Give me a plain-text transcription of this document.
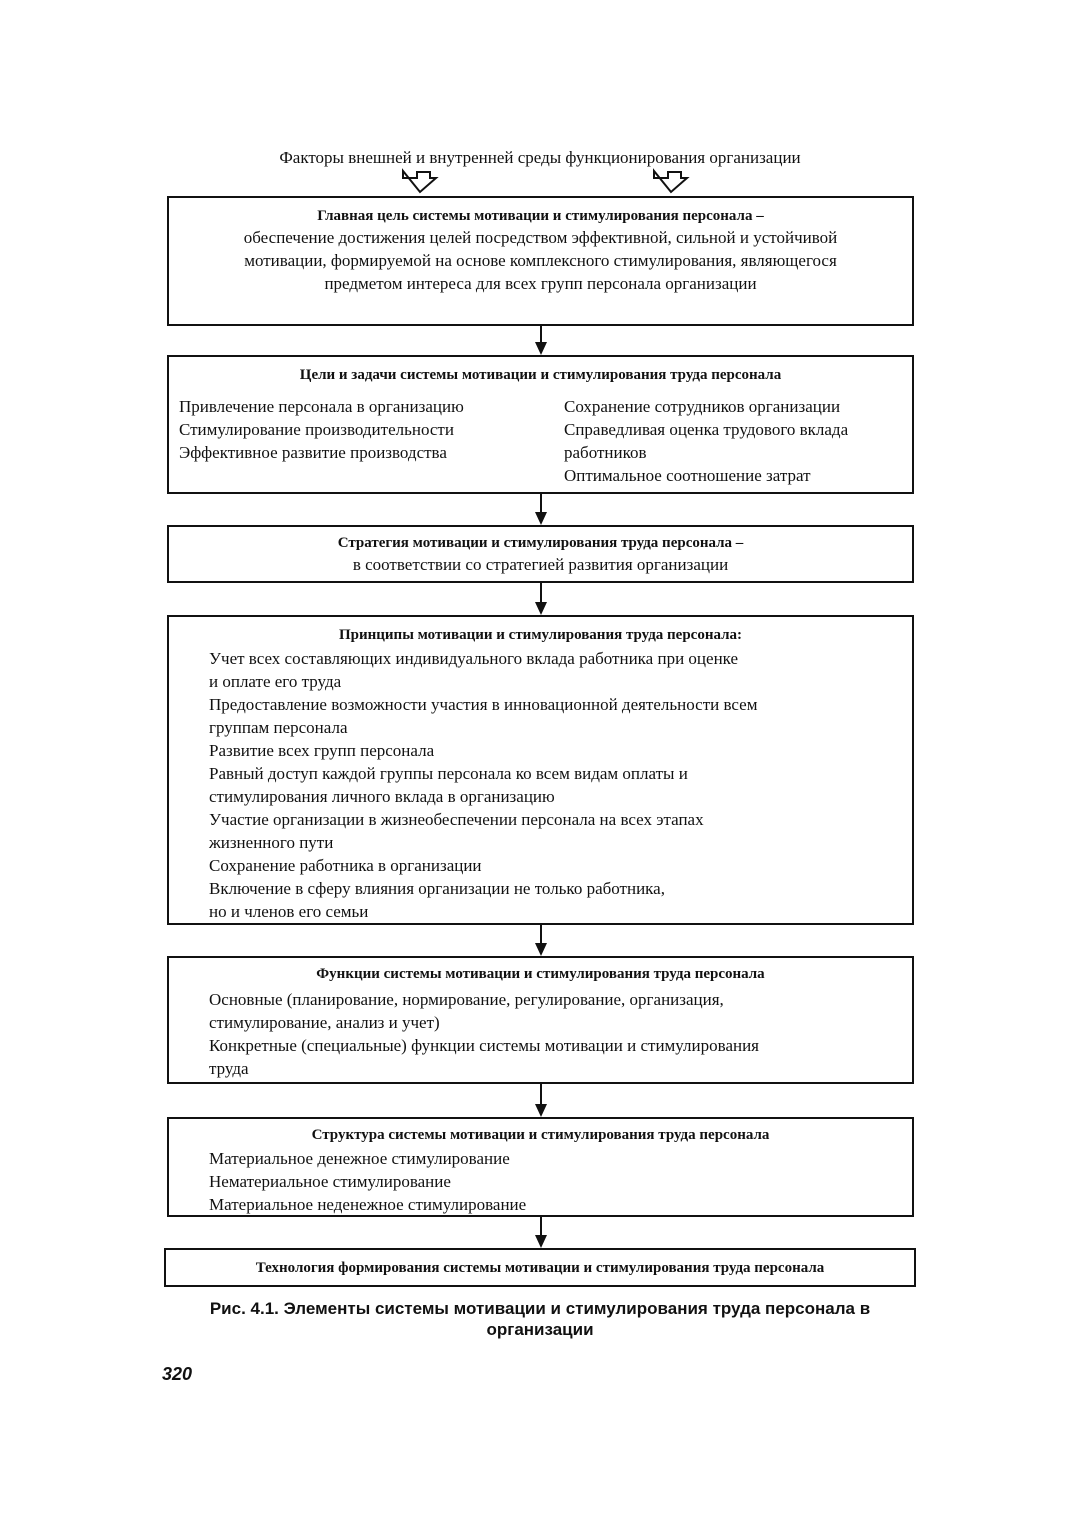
Факторы внешней и внутренней среды функционирования организации
Главная цель системы мотивации и стимулирования персонала –
обеспечение достижения целей посредством эффективной, сильной и устойчивой
мотивации, формируемой на основе комплексного стимулирования, являющегося
предметом интереса для всех групп персонала организации
Цели и задачи системы мотивации и стимулирования труда персонала
Привлечение персонала в организацию
Стимулирование производительности
Эффективное развитие производства
Сохранение сотрудников организации
Справедливая оценка трудового вклада
работников
Оптимальное соотношение затрат
Стратегия мотивации и стимулирования труда персонала –
в соответствии со стратегией развития организации
Принципы мотивации и стимулирования труда персонала:
Учет всех составляющих индивидуального вклада работника при оценке
и оплате его труда
Предоставление возможности участия в инновационной деятельности всем
группам персонала
Развитие всех групп персонала
Равный доступ каждой группы персонала ко всем видам оплаты и
стимулирования личного вклада в организацию
Участие организации в жизнеобеспечении персонала на всех этапах
жизненного пути
Сохранение работника в организации
Включение в сферу влияния организации не только работника,
но и членов его семьи
Функции системы мотивации и стимулирования труда персонала
Основные (планирование, нормирование, регулирование, организация,
стимулирование, анализ и учет)
Конкретные (специальные) функции системы мотивации и стимулирования
труда
Структура системы мотивации и стимулирования труда персонала
Материальное денежное стимулирование
Нематериальное стимулирование
Материальное неденежное стимулирование
Технология формирования системы мотивации и стимулирования труда персонала
Рис. 4.1. Элементы системы мотивации и стимулирования труда персонала в
организации
320
